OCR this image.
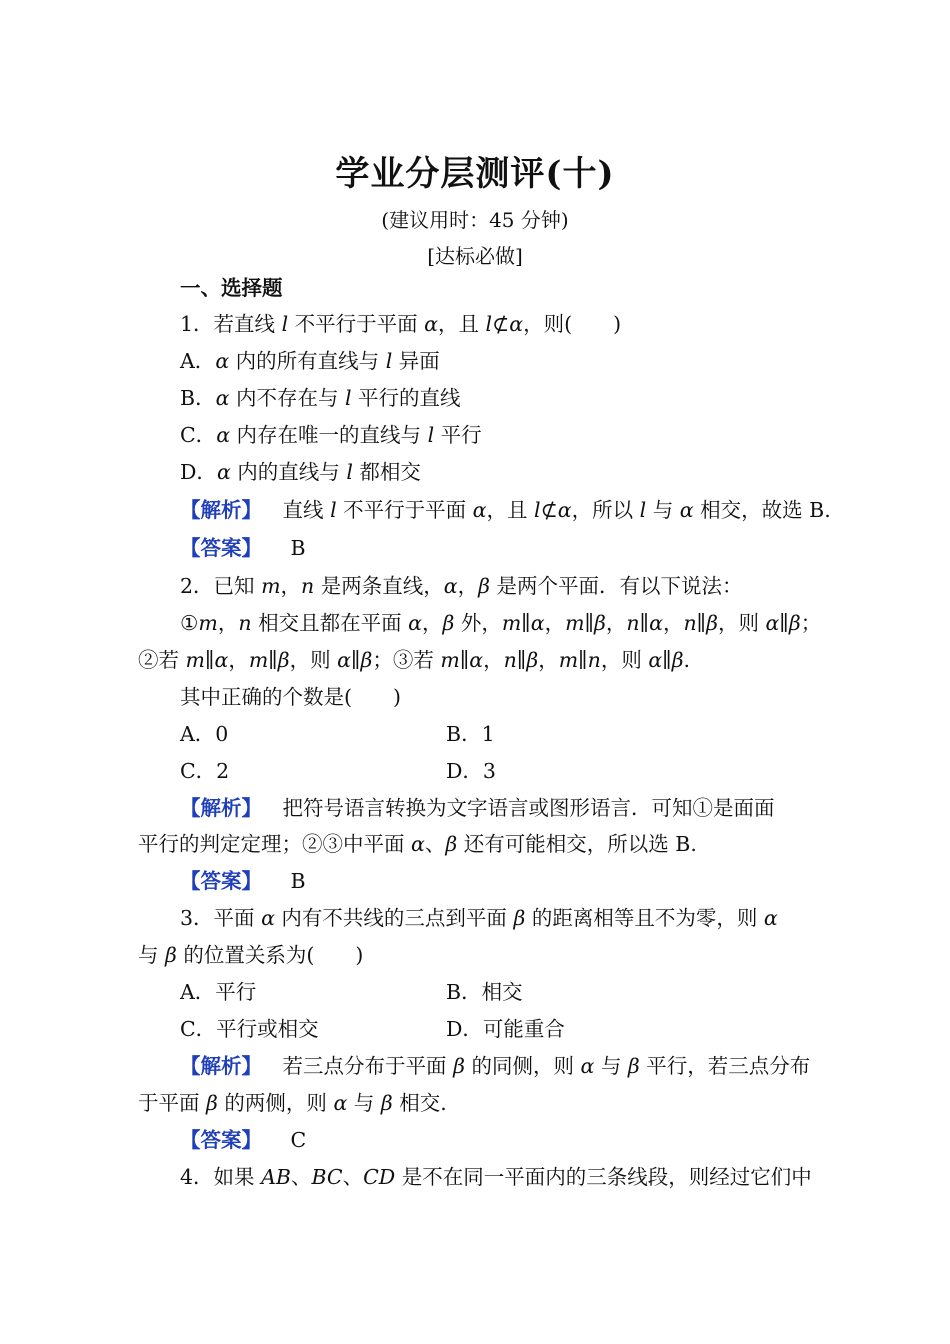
学业分层测评(十)
(建议用时：45 分钟)
[达标必做]
一、选择题
1．若直线 l 不平行于平面 α，且 l⊄α，则(　　)
A．α 内的所有直线与 l 异面
B．α 内不存在与 l 平行的直线
C．α 内存在唯一的直线与 l 平行
D．α 内的直线与 l 都相交
【解析】 直线 l 不平行于平面 α，且 l⊄α，所以 l 与 α 相交，故选 B.
【答案】 B
2．已知 m，n 是两条直线，α，β 是两个平面．有以下说法：
①m，n 相交且都在平面 α，β 外，m∥α，m∥β，n∥α，n∥β，则 α∥β；
②若 m∥α，m∥β，则 α∥β；③若 m∥α，n∥β，m∥n，则 α∥β.
其中正确的个数是(　　)
A．0	B．1
C．2	D．3
【解析】 把符号语言转换为文字语言或图形语言．可知①是面面
平行的判定定理；②③中平面 α、β 还有可能相交，所以选 B.
【答案】 B
3．平面 α 内有不共线的三点到平面 β 的距离相等且不为零，则 α
与 β 的位置关系为(　　)
A．平行	B．相交
C．平行或相交	D．可能重合
【解析】 若三点分布于平面 β 的同侧，则 α 与 β 平行，若三点分布
于平面 β 的两侧，则 α 与 β 相交.
【答案】 C
4．如果 AB、BC、CD 是不在同一平面内的三条线段，则经过它们中
